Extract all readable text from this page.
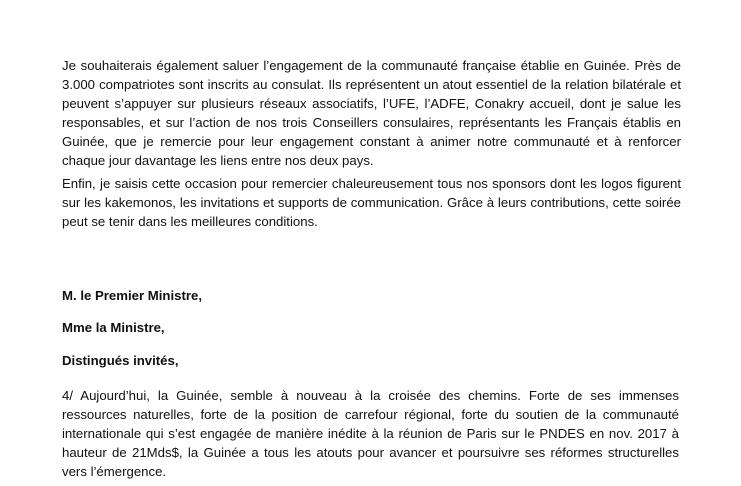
Je souhaiterais également saluer l’engagement de la communauté française établie en Guinée. Près de 3.000 compatriotes sont inscrits au consulat. Ils représentent un atout essentiel de la relation bilatérale et peuvent s’appuyer sur plusieurs réseaux associatifs, l’UFE, l’ADFE, Conakry accueil, dont je salue les responsables, et sur l’action de nos trois Conseillers consulaires, représentants les Français établis en Guinée, que je remercie pour leur engagement constant à animer notre communauté et à renforcer chaque jour davantage les liens entre nos deux pays.

Enfin, je saisis cette occasion pour remercier chaleureusement tous nos sponsors dont les logos figurent sur les kakemonos, les invitations et supports de communication. Grâce à leurs contributions, cette soirée peut se tenir dans les meilleures conditions.

M. le Premier Ministre,

Mme la Ministre,

Distingués invités,

4/ Aujourd’hui, la Guinée, semble à nouveau à la croisée des chemins. Forte de ses immenses ressources naturelles, forte de la position de carrefour régional, forte du soutien de la communauté internationale qui s’est engagée de manière inédite à la réunion de Paris sur le PNDES en nov. 2017 à hauteur de 21Mds$, la Guinée a tous les atouts pour avancer et poursuivre ses réformes structurelles vers l’émergence.
